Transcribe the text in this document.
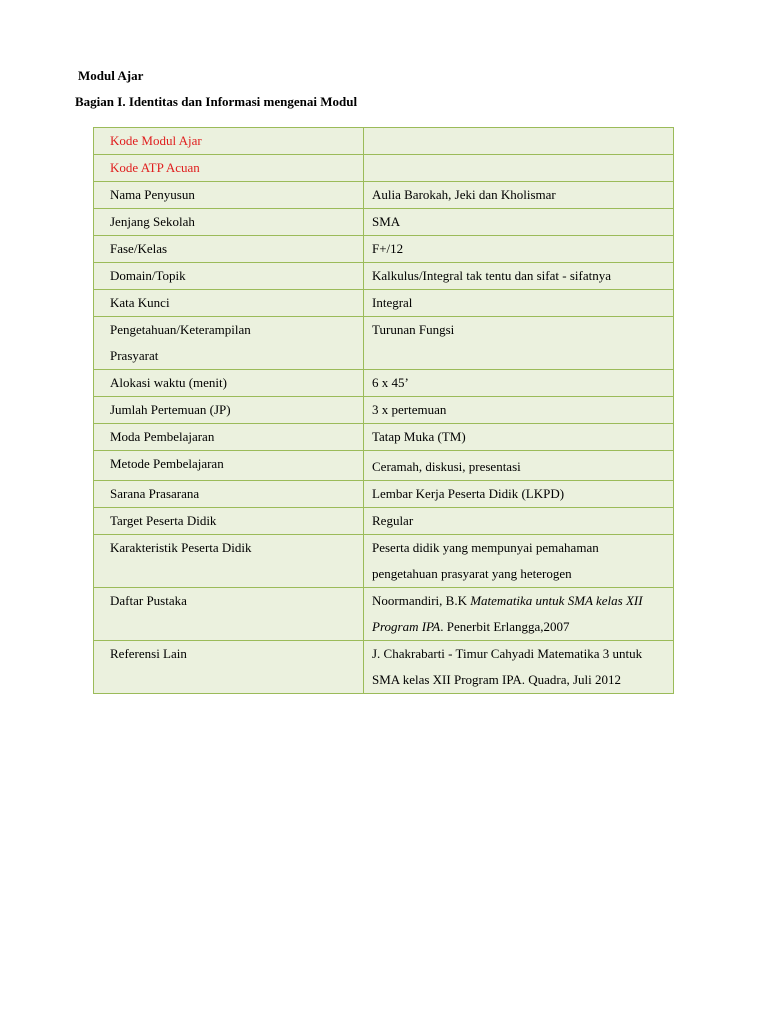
Modul Ajar
Bagian I. Identitas dan Informasi mengenai Modul
Kode Modul Ajar	
Kode ATP Acuan	
Nama Penyusun	Aulia Barokah, Jeki dan Kholismar
Jenjang Sekolah	SMA
Fase/Kelas	F+/12
Domain/Topik	Kalkulus/Integral tak tentu dan sifat - sifatnya
Kata Kunci	Integral
Pengetahuan/Keterampilan
Prasyarat	Turunan Fungsi
Alokasi waktu (menit)	6 x 45’
Jumlah Pertemuan (JP)	3 x pertemuan
Moda Pembelajaran	Tatap Muka (TM)
Metode Pembelajaran	Ceramah, diskusi, presentasi
Sarana Prasarana	Lembar Kerja Peserta Didik (LKPD)
Target Peserta Didik	Regular
Karakteristik Peserta Didik	Peserta didik yang mempunyai pemahaman
pengetahuan prasyarat yang heterogen
Daftar Pustaka	Noormandiri, B.K Matematika untuk SMA kelas XII
Program IPA. Penerbit Erlangga,2007
Referensi Lain	J. Chakrabarti - Timur Cahyadi Matematika 3 untuk
SMA kelas XII Program IPA. Quadra, Juli 2012
